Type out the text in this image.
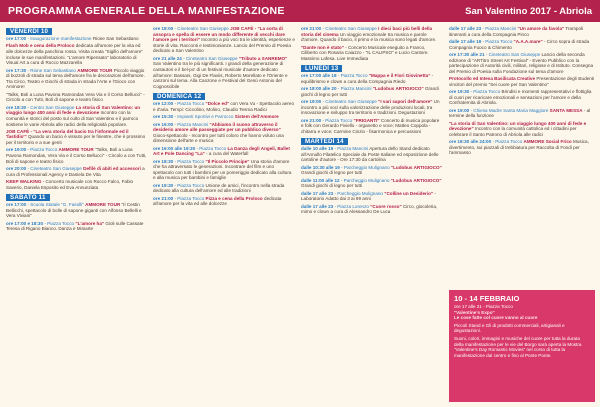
PROGRAMMA GENERALE DELLA MANIFESTAZIONE	San Valentino 2017 - Abriola
VENERDÌ 10
ore 17:00 - Inaugurazione manifestazione Rione San Sebastiano
Flash Mob e cena della Proloco dedicata all'amore per la vita ed alle dolcezze della panchina rossa. Visita creata "Sigillo dell'amore" incluse le sue manifestazioni. "L'amore Ripensato" laboratorio di Visual Art a cura di Rocco Mazzarella
ore 17:30 - Rione San Sebastiano AMMORE TOUR Piccolo viaggio di bozzoli di strada sul tema dell'amore fra le decorazioni dell'amore. Tra Circo, Teatro e Giochi di strada in strada l'Arte e l'Gioco con Ammore!
"Talks, Boli a Luna Pavona Ramondas Vera Via e il Corso Bellucci" - Circolo a con Tutti, Boli di sapone e teatro fisico
ore 18:30 - Centro San Giuseppe La storia di San Valentino: un viaggio lungo 400 anni di fede e devozione Incontro con la comunità e storici del posto sul culto di San Valentino e il parroco sostiene le varie Abriola alle radici della religiosità popolare.
JOB CAFÈ - "La vera storia del bacio tra l'informale ed il 'fastidio'" Quando un bacio è vissuto per le finestre, che è prossimo per il territorio e a sue genti
ore 19:00 - Piazza Tocco AMMORE TOUR "Talks, Boli a Luna Pavona Ramondas, Vera Via e il Corso Bellucci" - Circolo a con Tutti, Boli di sapone e teatro fisico
ore 20:00 - Cineteatro San Giuseppe Defilè di abiti ed accessori a cura di Professionali Agency e Daniela De Vita
KEEP WALKING - Concerto musicale con Rocco Falco, Fabio Saverio, Daniela Esposito ed Eva Annunziata
SABATO 11
ore 17:00 - Scuola Statale "G. Fasolli" AMMORE TOUR "Il Cestin Bellicchi, spettacolo di bolle di sapone giganti con Alfonso Bellelli e Vera Viviani"
ore 17:00 e 18:30 - Piazza Tocco "L'amore ha" Gioli sulle Cassate Teresa di Rigano Bianco. Danza e Miniarte
ore 18:00 - Cineteatro San Giuseppe JOB CAFÈ - "La sorta di ansopra e spella di essere un modo differente di vecchi dare l'amore per i territori" Incontro a più voci tra le identità, esperienze e storie di vita. Racconti e testimonianze. Lancio del Premio di Poesia dedicato a San Valentino
ore 21 alle 24 - Cineteatro San Giuseppe "Tributo a SANREMO" San Valentino tra le più significanti. I grandi della generazione di cantautori e il bel-po' di un festival musicale d'autore dedicato all'amore: Bassani, Gigi De Flaviis, Roberto Morellato e l'Oriente e canzoni sul tema. Alla Canzone e Festival del Gesù Antonio del Cognoscibile
DOMENICA 12
ore 12:00 - Piazza Tocco "Dolce ed" con Vera Vu - Spettacolo aereo e d'aria. Tempi: Ciccolino, Molino, Claudio Tesma Radici
ore 15:30 - Impianti Sportivi e Parrocco Sistem dell'Ammore
ore 16:00 - Piazza Mancini "Abbiamo il suono attraverso il desiderio amore alle passeggiate per un pubblico diverso" Gioco-spettacolo - Incontro per tutti coloro che hanno voluto una dimensione dell'arte e musica
ore 16:00 alle 19:30 - Piazza Tocco La Danza degli Angeli, Ballet Art e Pole Dancing "La" - a cura del Waterfall
ore 18:30 - Piazza Tocco "Il Piccolo Principe" Una storia d'amore che ha attraversato le generazioni. Incontrare del film e uno spettacolo con tutti i bambini per un pomeriggio dedicato alla cultura e alla musica per bambini e famiglie
ore 19:30 - Piazza Tocco Unione de amici, l'incontro nella strada dedicato alla cultura dell'amore ed alle tradizioni
ore 21:00 - Piazza Tocco Pizza e cena della Proloco dedicata all'amore per la vita ed alle dolcezze
ore 21:00 - Cineteatro San Giuseppe I dieci baci più belli della storia del cinema Un viaggio emozionale tra musica e parole d'amore. Quando il bacio, il primo e la musica sono legati d'amore.
"Dante non è stato" - Concerto Musicale eseguito a Franco, Ciliberto con Rosaria Caiazzo - "IL CALIPSO" e Lucio Cantore. Massimo Lafesa. Live Immediata
LUNEDÌ 13
ore 17:00 alle 18 - Piazza Tocco "Mappa e il Fiori Giovinetta" - equilibrismo e clown a cura della Compagnia Riedo
ore 18:00 alle 20 - Piazza Mancini "Ludobus ARTIGIOCO" Grandi giochi di legno per tutti
ore 19:00 - Cineteatro San Giuseppe "I vari sapori dell'amore" Un incontro a più voci sulla valorizzazione delle produzioni locali, tra innovazione e sviluppo tra territorio e tradizioni. Degustazioni
ore 21:00 - Piazza Tocco "FRIGANTI" Concerto di musica popolare e folk con Gerardo Fiviello - organetto e voce; Matteo Coppola - chitarra e voce; Carmine Cinzio - fisarmonica e percussioni
MARTEDÌ 14
dalle 10 alle 19 - Piazza Mancini Apertura dello Stand dedicato all'Annullo Filatelico Speciale da Poste Italiane ed esposizione delle cartoline d'autore - Ore 17:30 da cartolina
dalle 10:30 alle 19 - Parcheggio Mulignano "Ludobus ARTIGIOCO" Grandi giochi di legno per tutti
dalle 11:00 alle 12 - Parcheggio Mulignano "Ludobus ARTIGIOCO" Grandi giochi di legno per tutti
dalle 17 alle 23 - Parcheggio Mulignano "Colline un Desiderio" - Laboratorio Adatto dai 3 ai 99 anni
dalle 17 alle 23 - Piazza Lorenzo "Cuore rosso" Circo, giocoleria, mimo e clown a cura di Alessandro De Luca
dalle 17 alle 23 - Piazza Mancini "Un amore da favola" Trampoli itineranti a cura della Compagnia Pinco
dalle 17 alle 19 - Piazza Tocco "A.A.A.mare" - Circo sopra di strada Compagnia Fuoco & Chimento
ore 17:30 alle 21 - Cineteatro San Giuseppe Lancio della seconda edizione di "ARTitro Street Art Festival" - Evento Pubblico con la partecipazione di Autorità civili, militari, religiose e di Istituto. Consegna del Premio di Poesia sulla Fondazione sul tema d'amore
Protocollo ed Intesa Basilicata Creative Presentazione degli studenti vincitori del premio "Sei cuore per San Valentino"
ore 19:30 - Piazza Tocco Brindisi e momenti rappresentativi e flottiglia di cuori per ricaricare emozionali e sensazioni per l'amore e della Confraternita di Abriola.
ore 19:00 - Chiesa Madre Santa Maria Maggiore SANTA MESSA - al termine della funzione
"La storia di San Valentino: un viaggio lungo 400 anni di fede e devozione" Incontro con la comunità cattolica ed i cittadini per celebrare il Santo Patrono di Abriola alle radici
ore 18:30 alle 24:00 - Piazza Tocco AMMORE Social Frico Musica, divertimento, sui piazzali di trebbiatura per Raccolta di Fondi per l'ammasso
10 - 14 FEBBRAIO
ore 17 alle 21 - Piazza Tocco
"Valentine's Expo"
Le cose fatte col cuore vanno al cuore
Piccoli Stand e Gli di prodotti commerciali, artigianali e degustazioni.
Suoni, colori, immagini e musiche del cuore per tutta la durata della manifestazione per le vie del Borgo sarà aperta la Mostra "Valentine's Day Romantic Movies" nel corso di tutta la manifestazione dal centro e fino al Ponte Ponte.
